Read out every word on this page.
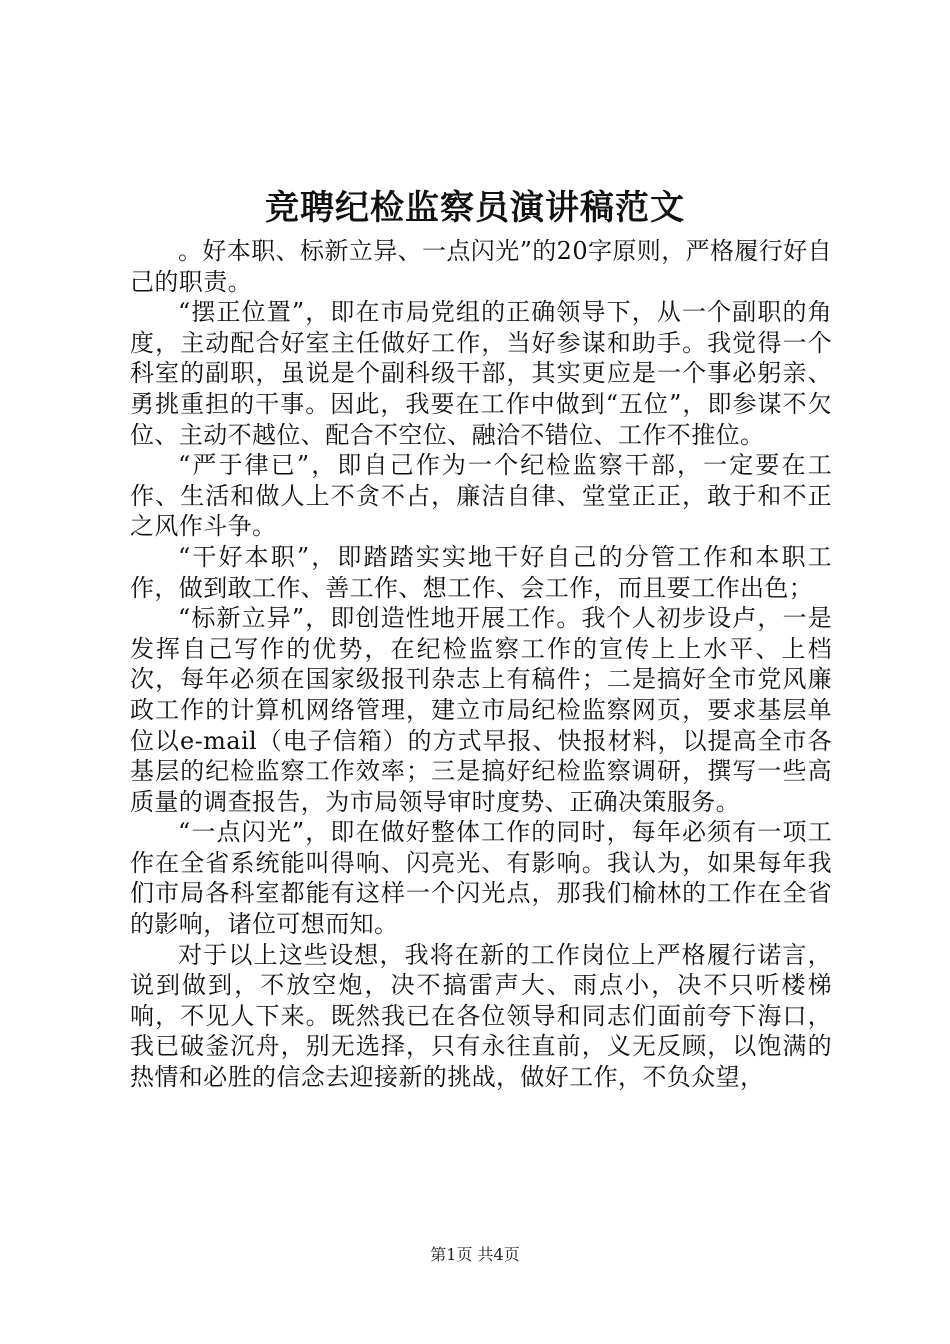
竞聘纪检监察员演讲稿范文

。好本职、标新立异、一点闪光”的20字原则，严格履行好自己的职责。

“摆正位置”，即在市局党组的正确领导下，从一个副职的角度，主动配合好室主任做好工作，当好参谋和助手。我觉得一个科室的副职，虽说是个副科级干部，其实更应是一个事必躬亲、勇挑重担的干事。因此，我要在工作中做到“五位”，即参谋不欠位、主动不越位、配合不空位、融洽不错位、工作不推位。

“严于律已”，即自己作为一个纪检监察干部，一定要在工作、生活和做人上不贪不占，廉洁自律、堂堂正正，敢于和不正之风作斗争。

“干好本职”，即踏踏实实地干好自己的分管工作和本职工作，做到敢工作、善工作、想工作、会工作，而且要工作出色；

“标新立异”，即创造性地开展工作。我个人初步设卢，一是发挥自己写作的优势，在纪检监察工作的宣传上上水平、上档次，每年必须在国家级报刊杂志上有稿件；二是搞好全市党风廉政工作的计算机网络管理，建立市局纪检监察网页，要求基层单位以e-mail（电子信箱）的方式早报、快报材料，以提高全市各基层的纪检监察工作效率；三是搞好纪检监察调研，撰写一些高质量的调查报告，为市局领导审时度势、正确决策服务。

“一点闪光”，即在做好整体工作的同时，每年必须有一项工作在全省系统能叫得响、闪亮光、有影响。我认为，如果每年我们市局各科室都能有这样一个闪光点，那我们榆林的工作在全省的影响，诸位可想而知。

对于以上这些设想，我将在新的工作岗位上严格履行诺言，说到做到，不放空炮，决不搞雷声大、雨点小，决不只听楼梯响，不见人下来。既然我已在各位领导和同志们面前夸下海口，我已破釜沉舟，别无选择，只有永往直前，义无反顾，以饱满的热情和必胜的信念去迎接新的挑战，做好工作，不负众望，

第1页 共4页
